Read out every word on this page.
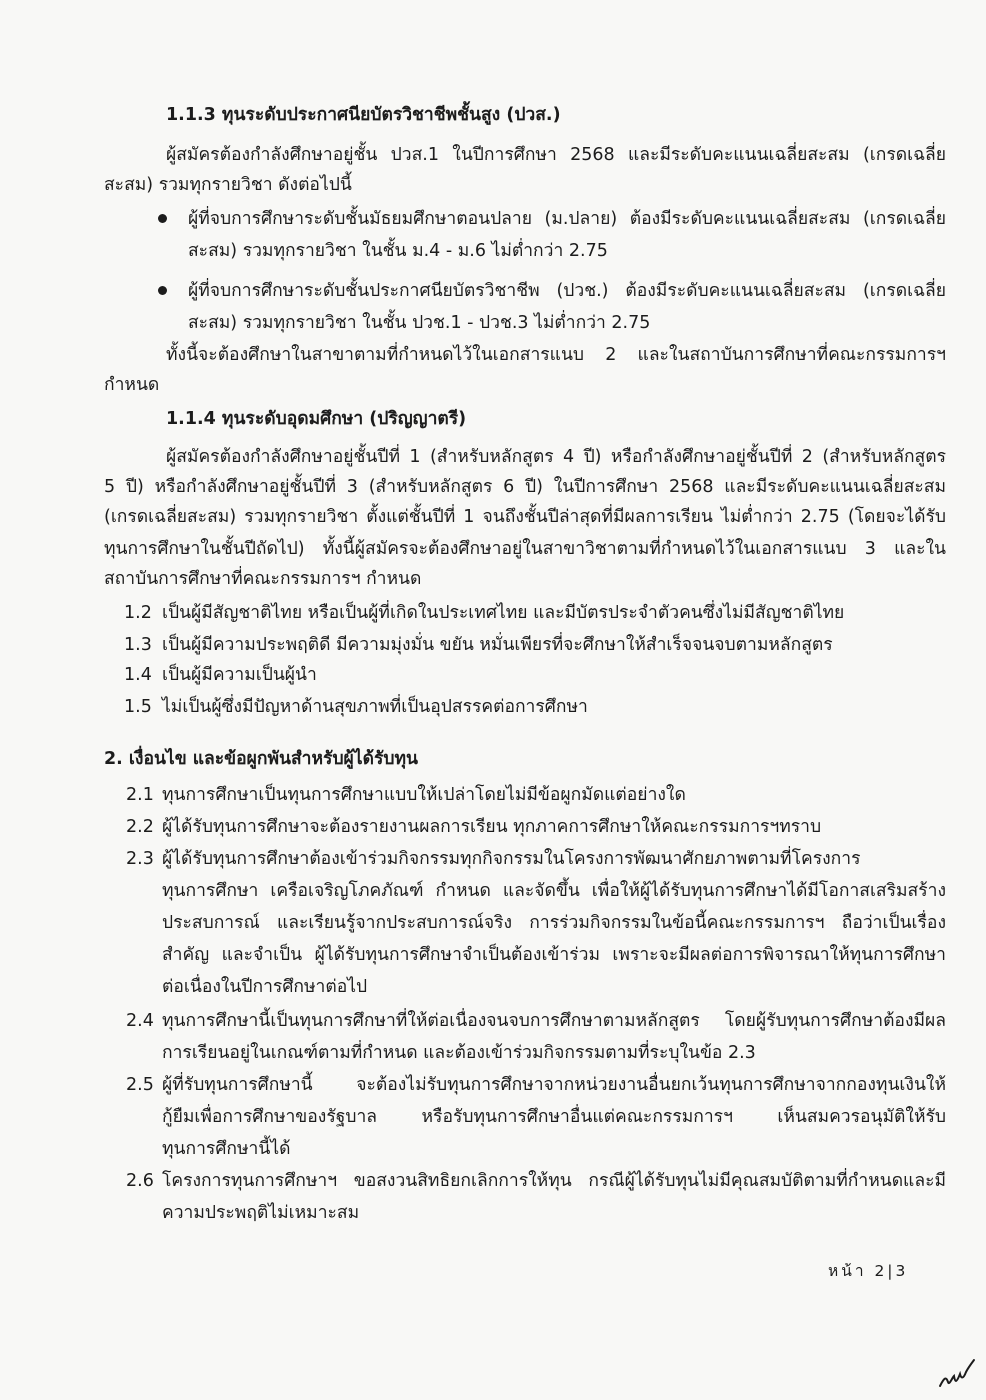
1.1.3 ทุนระดับประกาศนียบัตรวิชาชีพชั้นสูง (ปวส.)
ผู้สมัครต้องกำลังศึกษาอยู่ชั้น ปวส.1 ในปีการศึกษา 2568 และมีระดับคะแนนเฉลี่ยสะสม (เกรดเฉลี่ย
สะสม) รวมทุกรายวิชา ดังต่อไปนี้
ผู้ที่จบการศึกษาระดับชั้นมัธยมศึกษาตอนปลาย (ม.ปลาย) ต้องมีระดับคะแนนเฉลี่ยสะสม (เกรดเฉลี่ย
สะสม) รวมทุกรายวิชา ในชั้น ม.4 - ม.6 ไม่ต่ำกว่า 2.75
ผู้ที่จบการศึกษาระดับชั้นประกาศนียบัตรวิชาชีพ (ปวช.) ต้องมีระดับคะแนนเฉลี่ยสะสม (เกรดเฉลี่ย
สะสม) รวมทุกรายวิชา ในชั้น ปวช.1 - ปวช.3 ไม่ต่ำกว่า 2.75
ทั้งนี้จะต้องศึกษาในสาขาตามที่กำหนดไว้ในเอกสารแนบ 2 และในสถาบันการศึกษาที่คณะกรรมการฯ
กำหนด
1.1.4 ทุนระดับอุดมศึกษา (ปริญญาตรี)
ผู้สมัครต้องกำลังศึกษาอยู่ชั้นปีที่ 1 (สำหรับหลักสูตร 4 ปี) หรือกำลังศึกษาอยู่ชั้นปีที่ 2 (สำหรับหลักสูตร
5 ปี) หรือกำลังศึกษาอยู่ชั้นปีที่ 3 (สำหรับหลักสูตร 6 ปี) ในปีการศึกษา 2568 และมีระดับคะแนนเฉลี่ยสะสม
(เกรดเฉลี่ยสะสม) รวมทุกรายวิชา ตั้งแต่ชั้นปีที่ 1 จนถึงชั้นปีล่าสุดที่มีผลการเรียน ไม่ต่ำกว่า 2.75 (โดยจะได้รับ
ทุนการศึกษาในชั้นปีถัดไป) ทั้งนี้ผู้สมัครจะต้องศึกษาอยู่ในสาขาวิชาตามที่กำหนดไว้ในเอกสารแนบ 3 และใน
สถาบันการศึกษาที่คณะกรรมการฯ กำหนด
1.2 เป็นผู้มีสัญชาติไทย หรือเป็นผู้ที่เกิดในประเทศไทย และมีบัตรประจำตัวคนซึ่งไม่มีสัญชาติไทย
1.3 เป็นผู้มีความประพฤติดี มีความมุ่งมั่น ขยัน หมั่นเพียรที่จะศึกษาให้สำเร็จจนจบตามหลักสูตร
1.4 เป็นผู้มีความเป็นผู้นำ
1.5 ไม่เป็นผู้ซึ่งมีปัญหาด้านสุขภาพที่เป็นอุปสรรคต่อการศึกษา
2. เงื่อนไข และข้อผูกพันสำหรับผู้ได้รับทุน
2.1 ทุนการศึกษาเป็นทุนการศึกษาแบบให้เปล่าโดยไม่มีข้อผูกมัดแต่อย่างใด
2.2 ผู้ได้รับทุนการศึกษาจะต้องรายงานผลการเรียน ทุกภาคการศึกษาให้คณะกรรมการฯทราบ
2.3 ผู้ได้รับทุนการศึกษาต้องเข้าร่วมกิจกรรมทุกกิจกรรมในโครงการพัฒนาศักยภาพตามที่โครงการ
ทุนการศึกษา เครือเจริญโภคภัณฑ์ กำหนด และจัดขึ้น เพื่อให้ผู้ได้รับทุนการศึกษาได้มีโอกาสเสริมสร้าง
ประสบการณ์ และเรียนรู้จากประสบการณ์จริง การร่วมกิจกรรมในข้อนี้คณะกรรมการฯ ถือว่าเป็นเรื่อง
สำคัญ และจำเป็น ผู้ได้รับทุนการศึกษาจำเป็นต้องเข้าร่วม เพราะจะมีผลต่อการพิจารณาให้ทุนการศึกษา
ต่อเนื่องในปีการศึกษาต่อไป
2.4 ทุนการศึกษานี้เป็นทุนการศึกษาที่ให้ต่อเนื่องจนจบการศึกษาตามหลักสูตร โดยผู้รับทุนการศึกษาต้องมีผล
การเรียนอยู่ในเกณฑ์ตามที่กำหนด และต้องเข้าร่วมกิจกรรมตามที่ระบุในข้อ 2.3
2.5 ผู้ที่รับทุนการศึกษานี้ จะต้องไม่รับทุนการศึกษาจากหน่วยงานอื่นยกเว้นทุนการศึกษาจากกองทุนเงินให้
กู้ยืมเพื่อการศึกษาของรัฐบาล หรือรับทุนการศึกษาอื่นแต่คณะกรรมการฯ เห็นสมควรอนุมัติให้รับ
ทุนการศึกษานี้ได้
2.6 โครงการทุนการศึกษาฯ ขอสงวนสิทธิยกเลิกการให้ทุน กรณีผู้ได้รับทุนไม่มีคุณสมบัติตามที่กำหนดและมี
ความประพฤติไม่เหมาะสม
หน้า 2|3
